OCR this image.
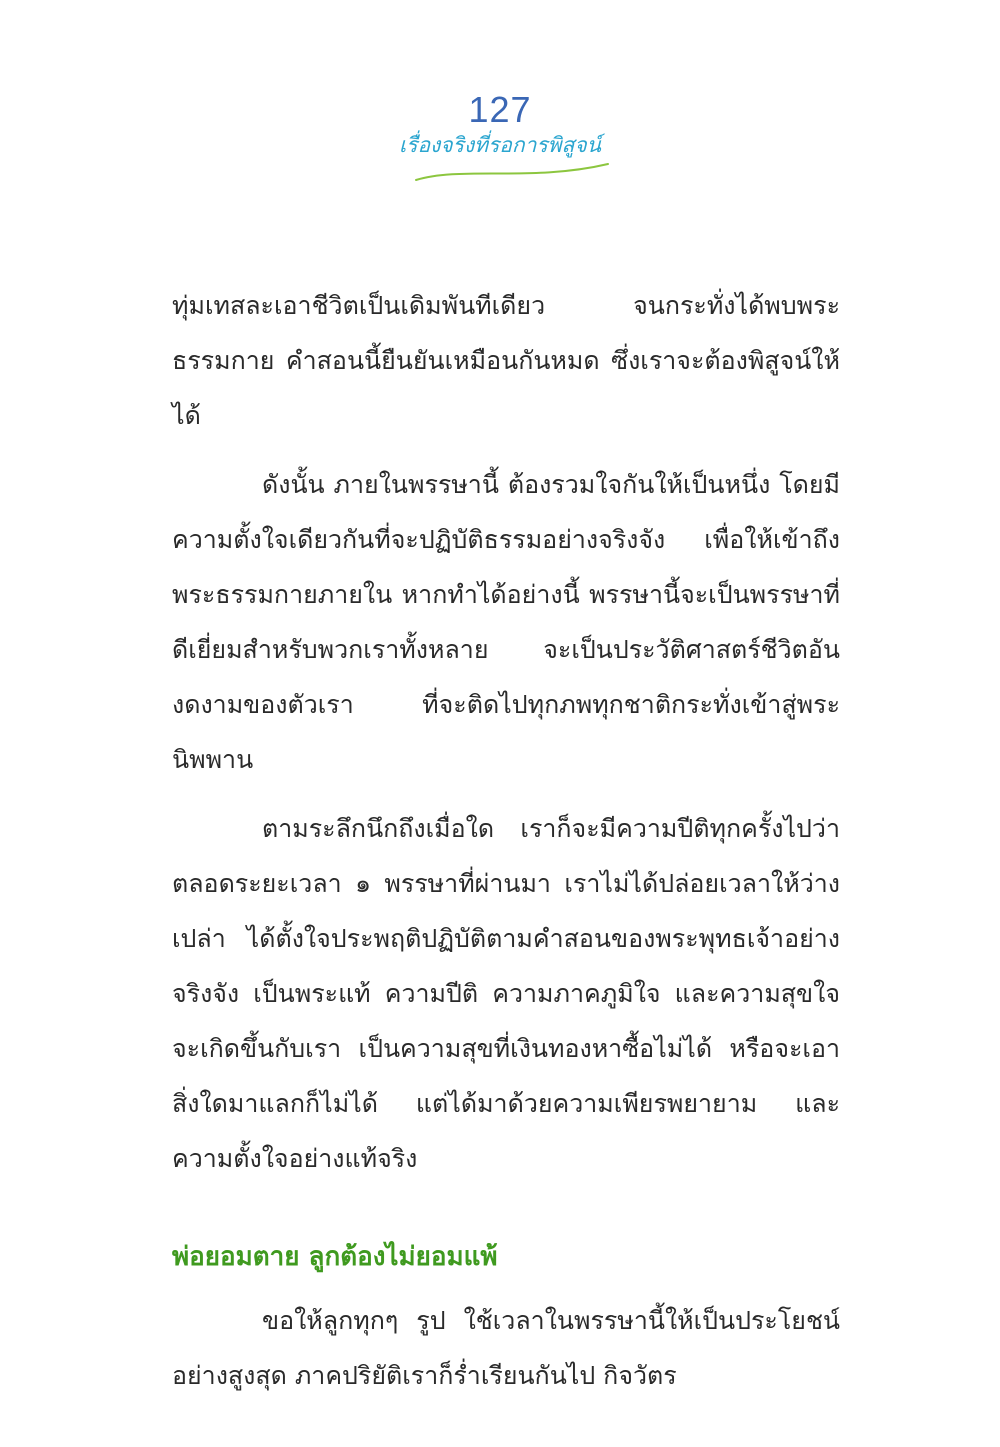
127
เรื่องจริงที่รอการพิสูจน์

ทุ่มเทสละเอาชีวิตเป็นเดิมพันทีเดียว จนกระทั่งได้พบพระธรรมกาย คำสอนนี้ยืนยันเหมือนกันหมด ซึ่งเราจะต้องพิสูจน์ให้ได้

ดังนั้น ภายในพรรษานี้ ต้องรวมใจกันให้เป็นหนึ่ง โดยมีความตั้งใจเดียวกันที่จะปฏิบัติธรรมอย่างจริงจัง เพื่อให้เข้าถึงพระธรรมกายภายใน หากทำได้อย่างนี้ พรรษานี้จะเป็นพรรษาที่ดีเยี่ยมสำหรับพวกเราทั้งหลาย จะเป็นประวัติศาสตร์ชีวิตอันงดงามของตัวเรา ที่จะติดไปทุกภพทุกชาติกระทั่งเข้าสู่พระนิพพาน

ตามระลึกนึกถึงเมื่อใด เราก็จะมีความปีติทุกครั้งไปว่า ตลอดระยะเวลา ๑ พรรษาที่ผ่านมา เราไม่ได้ปล่อยเวลาให้ว่างเปล่า ได้ตั้งใจประพฤติปฏิบัติตามคำสอนของพระพุทธเจ้าอย่างจริงจัง เป็นพระแท้ ความปีติ ความภาคภูมิใจ และความสุขใจจะเกิดขึ้นกับเรา เป็นความสุขที่เงินทองหาซื้อไม่ได้ หรือจะเอาสิ่งใดมาแลกก็ไม่ได้ แต่ได้มาด้วยความเพียรพยายาม และความตั้งใจอย่างแท้จริง

พ่อยอมตาย ลูกต้องไม่ยอมแพ้

ขอให้ลูกทุกๆ รูป ใช้เวลาในพรรษานี้ให้เป็นประโยชน์อย่างสูงสุด ภาคปริยัติเราก็ร่ำเรียนกันไป กิจวัตร
